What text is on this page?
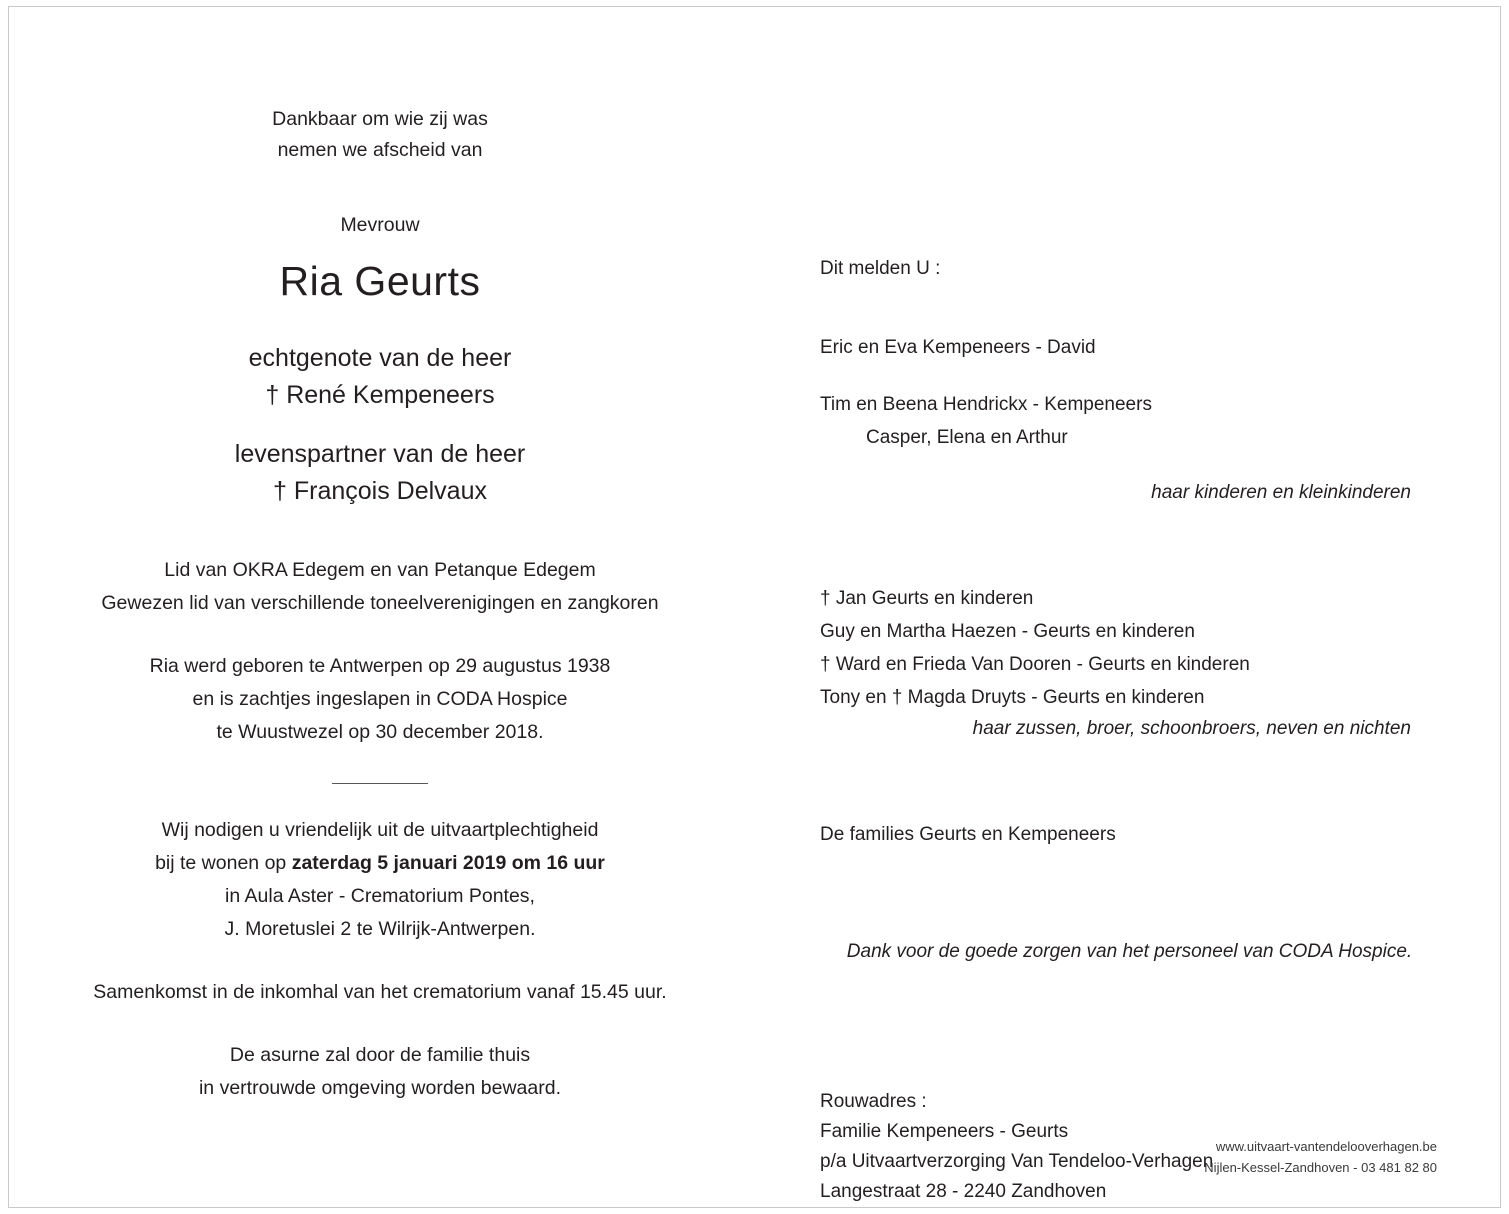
Dankbaar om wie zij was
nemen we afscheid van
Mevrouw
Ria Geurts
echtgenote van de heer
† René Kempeneers
levenspartner van de heer
† François Delvaux
Lid van OKRA Edegem en van Petanque Edegem
Gewezen lid van verschillende toneelverenigingen en zangkoren
Ria werd geboren te Antwerpen op 29 augustus 1938
en is zachtjes ingeslapen in CODA Hospice
te Wuustwezel op 30 december 2018.
Wij nodigen u vriendelijk uit de uitvaartplechtigheid
bij te wonen op zaterdag 5 januari 2019 om 16 uur
in Aula Aster - Crematorium Pontes,
J. Moretuslei 2 te Wilrijk-Antwerpen.
Samenkomst in de inkomhal van het crematorium vanaf 15.45 uur.
De asurne zal door de familie thuis
in vertrouwde omgeving worden bewaard.
Dit melden U :
Eric en Eva Kempeneers - David
Tim en Beena Hendrickx - Kempeneers
Casper, Elena en Arthur
haar kinderen en kleinkinderen
† Jan Geurts en kinderen
Guy en Martha Haezen - Geurts en kinderen
† Ward en Frieda Van Dooren - Geurts en kinderen
Tony en † Magda Druyts - Geurts en kinderen
haar zussen, broer, schoonbroers, neven en nichten
De families Geurts en Kempeneers
Dank voor de goede zorgen van het personeel van CODA Hospice.
Rouwadres :
Familie Kempeneers - Geurts
p/a Uitvaartverzorging Van Tendeloo-Verhagen
Langestraat 28 - 2240 Zandhoven
www.uitvaart-vantendelooverhagen.be
Nijlen-Kessel-Zandhoven - 03 481 82 80
